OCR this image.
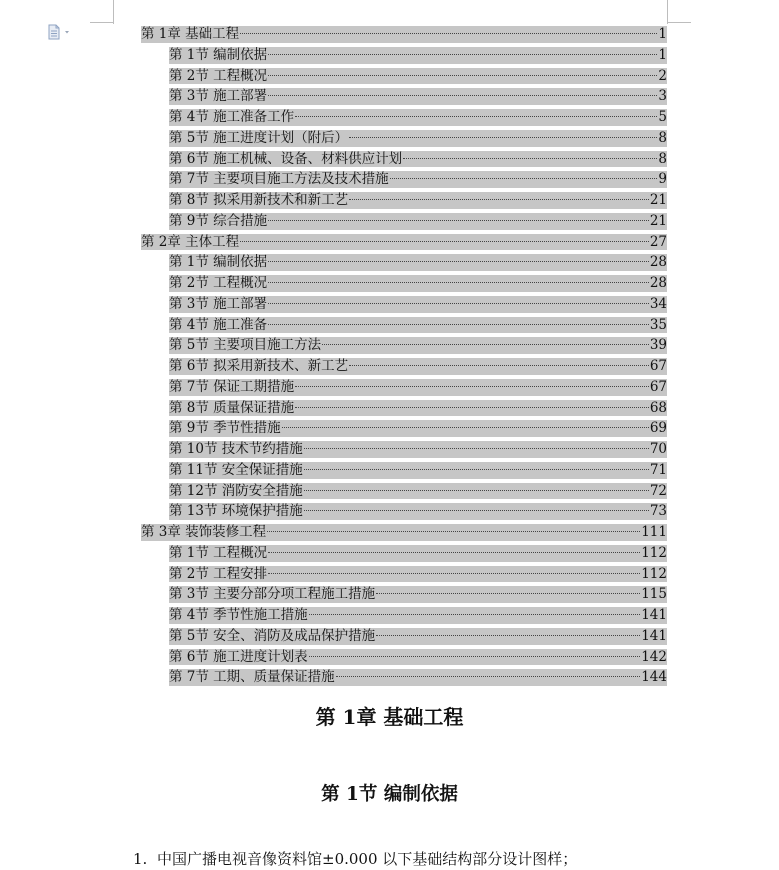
第 1章 基础工程	1
第 1节 编制依据	1
第 2节 工程概况	2
第 3节 施工部署	3
第 4节 施工准备工作	5
第 5节 施工进度计划（附后）	8
第 6节 施工机械、设备、材料供应计划	8
第 7节 主要项目施工方法及技术措施	9
第 8节 拟采用新技术和新工艺	21
第 9节 综合措施	21
第 2章 主体工程	27
第 1节 编制依据	28
第 2节 工程概况	28
第 3节 施工部署	34
第 4节 施工准备	35
第 5节 主要项目施工方法	39
第 6节 拟采用新技术、新工艺	67
第 7节 保证工期措施	67
第 8节 质量保证措施	68
第 9节 季节性措施	69
第 10节 技术节约措施	70
第 11节 安全保证措施	71
第 12节 消防安全措施	72
第 13节 环境保护措施	73
第 3章 装饰装修工程	111
第 1节 工程概况	112
第 2节 工程安排	112
第 3节 主要分部分项工程施工措施	115
第 4节 季节性施工措施	141
第 5节 安全、消防及成品保护措施	141
第 6节 施工进度计划表	142
第 7节 工期、质量保证措施	144
第 1章 基础工程
第 1节 编制依据
1. 中国广播电视音像资料馆±0.000 以下基础结构部分设计图样；
